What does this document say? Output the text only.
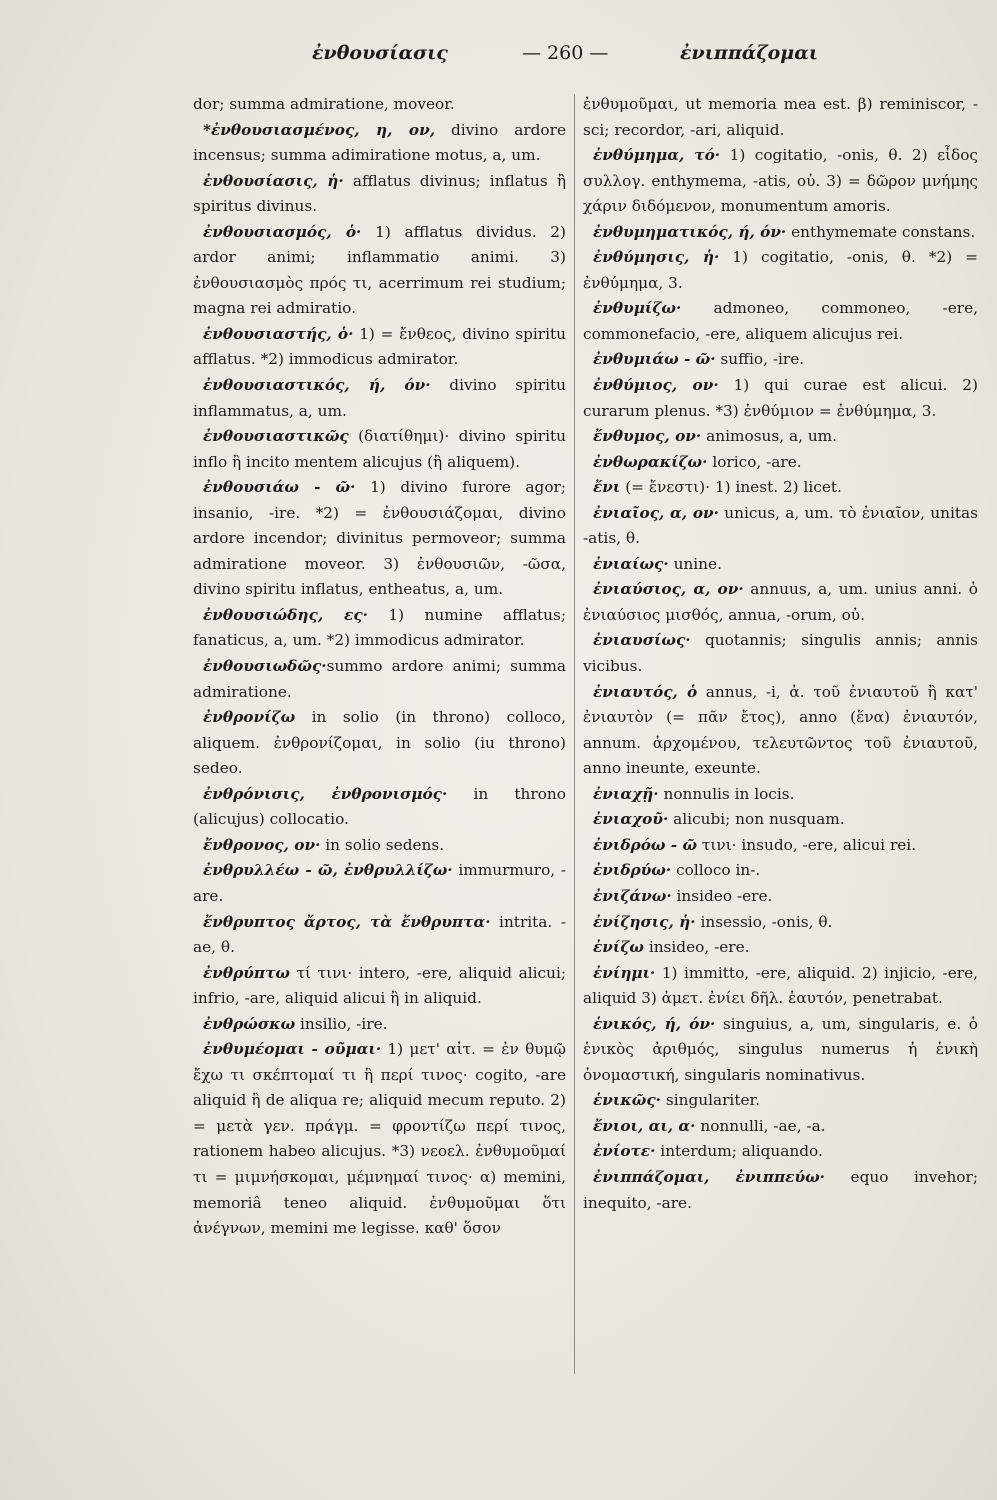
ἐνθουσίασις	— 260 —	ἐνιππάζομαι

dor; summa admiratione, moveor.

*ἐνθουσιασμένος, η, ον, divino ardore incensus; summa adimiratione motus, a, um.

ἐνθουσίασις, ἡ· afflatus divinus; inflatus ἢ spiritus divinus.

ἐνθουσιασμός, ὁ· 1) afflatus dividus. 2) ardor animi; inflammatio animi. 3) ἐνθουσιασμὸς πρός τι, acerrimum rei studium; magna rei admiratio.

ἐνθουσιαστής, ὁ· 1) = ἔνθεος, divino spiritu afflatus. *2) immodicus admirator.

ἐνθουσιαστικός, ή, όν· divino spiritu inflammatus, a, um.

ἐνθουσιαστικῶς (διατίθημι)· divino spiritu inflo ἢ incito mentem alicujus (ἢ aliquem).

ἐνθουσιάω - ῶ· 1) divino furore agor; insanio, -ire. *2) = ἐνθουσιάζομαι, divino ardore incendor; divinitus permoveor; summa admiratione moveor. 3) ἐνθουσιῶν, -ῶσα, divino spiritu inflatus, entheatus, a, um.

ἐνθουσιώδης, ες· 1) numine afflatus; fanaticus, a, um. *2) immodicus admirator.

ἐνθουσιωδῶς·summo ardore animi; summa admiratione.

ἐνθρονίζω in solio (in throno) colloco, aliquem. ἐνθρονίζομαι, in solio (iu throno) sedeo.

ἐνθρόνισις, ἐνθρονισμός· in throno (alicujus) collocatio.

ἔνθρονος, ον· in solio sedens.

ἐνθρυλλέω - ῶ, ἐνθρυλλίζω· immurmuro, -are.

ἔνθρυπτος ἄρτος, τὰ ἔνθρυπτα· intrita. -ae, θ.

ἐνθρύπτω τί τινι· intero, -ere, aliquid alicui; infrio, -are, aliquid alicui ἢ in aliquid.

ἐνθρώσκω insilio, -ire.

ἐνθυμέομαι - οῦμαι· 1) μετ' αἰτ. = ἐν θυμῷ ἔχω τι σκέπτομαί τι ἢ περί τινος· cogito, -are aliquid ἢ de aliqua re; aliquid mecum reputo. 2) = μετὰ γεν. πράγμ. = φροντίζω περί τινος, rationem habeo alicujus. *3) νεοελ. ἐνθυμοῦμαί τι = μιμνήσκομαι, μέμνημαί τινος· α) memini, memoriâ teneo aliquid. ἐνθυμοῦμαι ὅτι ἀνέγνων, memini me legisse. καθ' ὅσον

ἐνθυμοῦμαι, ut memoria mea est. β) reminiscor, -sci; recordor, -ari, aliquid.

ἐνθύμημα, τό· 1) cogitatio, -onis, θ. 2) εἶδος συλλογ. enthymema, -atis, οὐ. 3) = δῶρον μνήμης χάριν διδόμενον, monumentum amoris.

ἐνθυμηματικός, ή, όν· enthymemate constans.

ἐνθύμησις, ἡ· 1) cogitatio, -onis, θ. *2) = ἐνθύμημα, 3.

ἐνθυμίζω· admoneo, commoneo, -ere, commonefacio, -ere, aliquem alicujus rei.

ἐνθυμιάω - ῶ· suffio, -ire.

ἐνθύμιος, ον· 1) qui curae est alicui. 2) curarum plenus. *3) ἐνθύμιον = ἐνθύμημα, 3.

ἔνθυμος, ον· animosus, a, um.

ἐνθωρακίζω· lorico, -are.

ἔνι (= ἔνεστι)· 1) inest. 2) licet.

ἐνιαῖος, α, ον· unicus, a, um. τὸ ἐνιαῖον, unitas -atis, θ.

ἐνιαίως· unine.

ἐνιαύσιος, α, ον· annuus, a, um. unius anni. ὁ ἐνιαύσιος μισθός, annua, -orum, οὐ.

ἐνιαυσίως· quotannis; singulis annis; annis vicibus.

ἐνιαυτός, ὁ annus, -i, ἀ. τοῦ ἐνιαυτοῦ ἢ κατ' ἐνιαυτὸν (= πᾶν ἔτος), anno (ἕνα) ἐνιαυτόν, annum. ἀρχομένου, τελευτῶντος τοῦ ἐνιαυτοῦ, anno ineunte, exeunte.

ἐνιαχῇ· nonnulis in locis.

ἐνιαχοῦ· alicubi; non nusquam.

ἐνιδρόω - ῶ τινι· insudo, -ere, alicui rei.

ἐνιδρύω· colloco in-.

ἐνιζάνω· insideo -ere.

ἐνίζησις, ἡ· insessio, -onis, θ.

ἐνίζω insideo, -ere.

ἐνίημι· 1) immitto, -ere, aliquid. 2) injicio, -ere, aliquid 3) ἀμετ. ἐνίει δῆλ. ἑαυτόν, penetrabat.

ἑνικός, ή, όν· singuius, a, um, singularis, e. ὁ ἑνικὸς ἀριθμός, singulus numerus ἡ ἑνικὴ ὀνομαστική, singularis nominativus.

ἑνικῶς· singulariter.

ἔνιοι, αι, α· nonnulli, -ae, -a.

ἐνίοτε· interdum; aliquando.

ἐνιππάζομαι, ἐνιππεύω· equo invehor; inequito, -are.
